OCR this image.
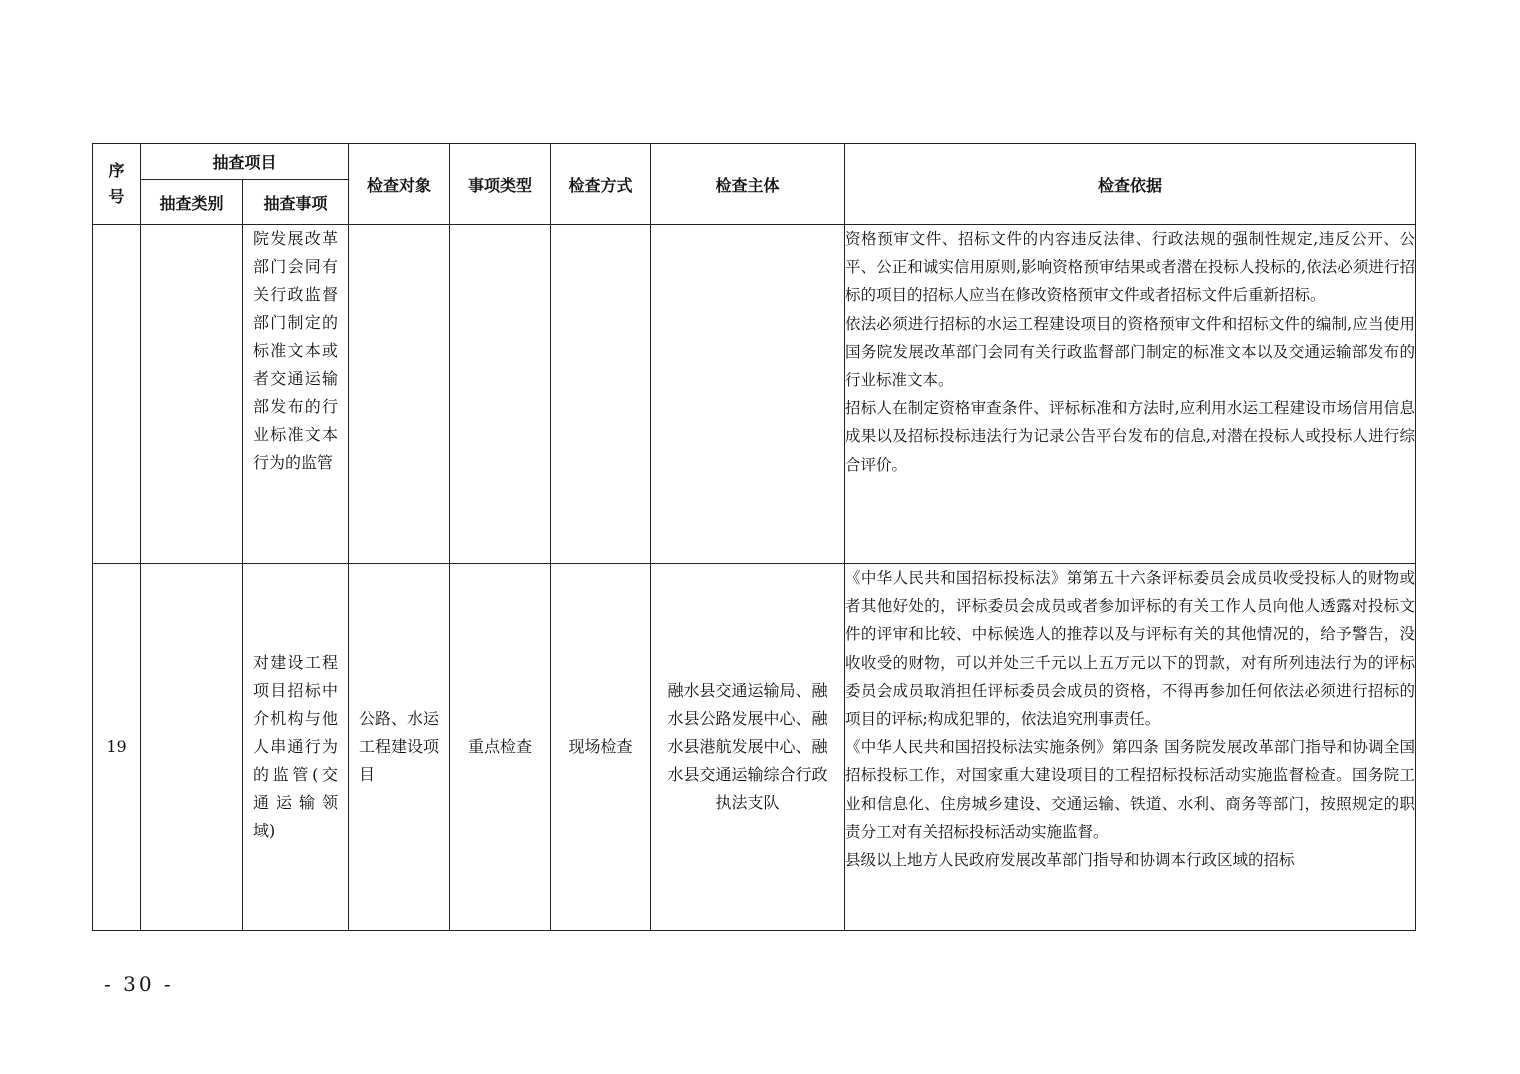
序号	抽查项目		检查对象	事项类型	检查方式	检查主体	检查依据
	抽查类别	抽查事项					

		院发展改革部门会同有关行政监督部门制定的标准文本或者交通运输部发布的行业标准文本行为的监管					资格预审文件、招标文件的内容违反法律、行政法规的强制性规定,违反公开、公平、公正和诚实信用原则,影响资格预审结果或者潜在投标人投标的,依法必须进行招标的项目的招标人应当在修改资格预审文件或者招标文件后重新招标。

依法必须进行招标的水运工程建设项目的资格预审文件和招标文件的编制,应当使用国务院发展改革部门会同有关行政监督部门制定的标准文本以及交通运输部发布的行业标准文本。

招标人在制定资格审查条件、评标标准和方法时,应利用水运工程建设市场信用信息成果以及招标投标违法行为记录公告平台发布的信息,对潜在投标人或投标人进行综合评价。

19		对建设工程项目招标中介机构与他人串通行为的监管(交通运输领域)	公路、水运工程建设项目	重点检查	现场检查	融水县交通运输局、融水县公路发展中心、融水县港航发展中心、融水县交通运输综合行政执法支队	《中华人民共和国招标投标法》第第五十六条评标委员会成员收受投标人的财物或者其他好处的，评标委员会成员或者参加评标的有关工作人员向他人透露对投标文件的评审和比较、中标候选人的推荐以及与评标有关的其他情况的，给予警告，没收收受的财物，可以并处三千元以上五万元以下的罚款，对有所列违法行为的评标委员会成员取消担任评标委员会成员的资格，不得再参加任何依法必须进行招标的项目的评标;构成犯罪的，依法追究刑事责任。

《中华人民共和国招投标法实施条例》第四条 国务院发展改革部门指导和协调全国招标投标工作，对国家重大建设项目的工程招标投标活动实施监督检查。国务院工业和信息化、住房城乡建设、交通运输、铁道、水利、商务等部门，按照规定的职责分工对有关招标投标活动实施监督。

县级以上地方人民政府发展改革部门指导和协调本行政区域的招标

- 30 -
